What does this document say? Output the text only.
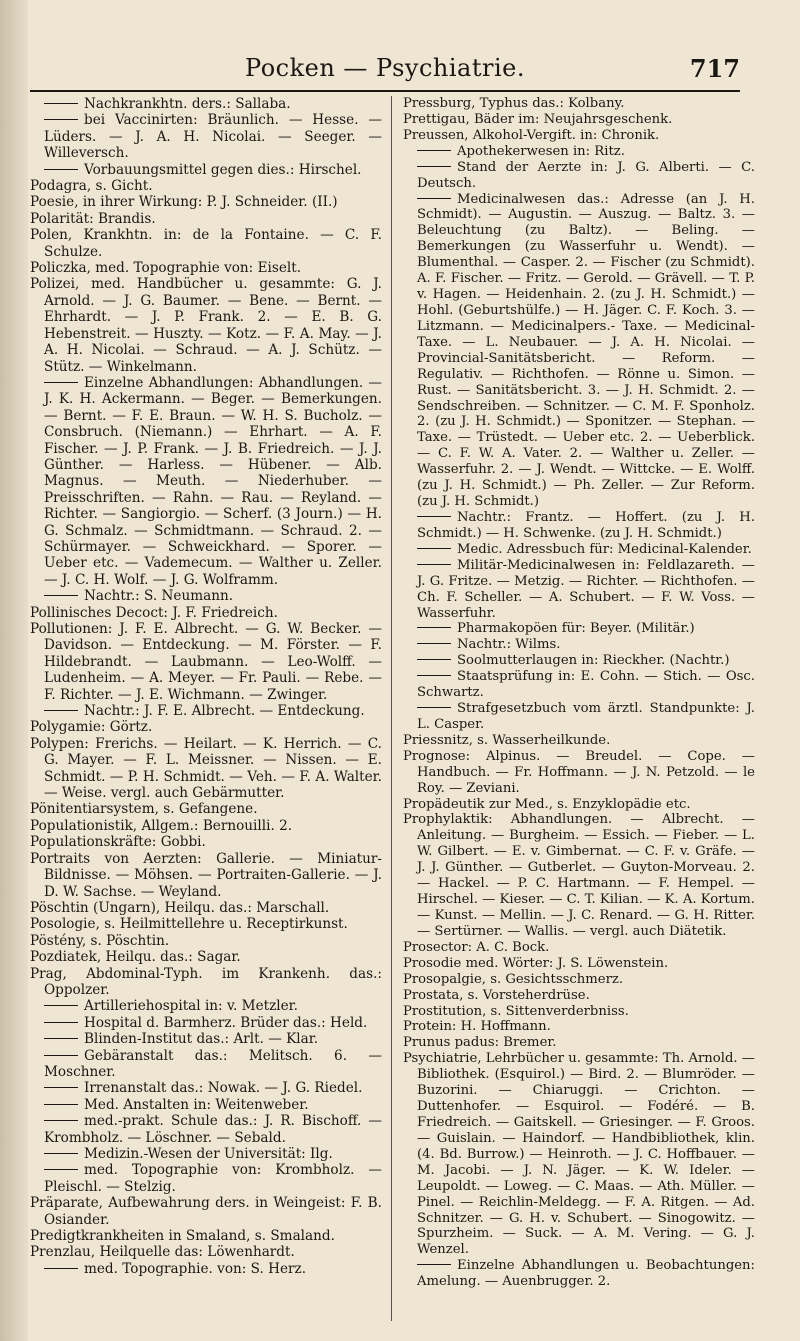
Pocken — Psychiatrie.	717

Nachkrankhtn. ders.: Sallaba.

bei Vaccinirten: Bräunlich. — Hesse. — Lüders. — J. A. H. Nicolai. — Seeger. — Willeversch.

Vorbauungsmittel gegen dies.: Hirschel.

Podagra, s. Gicht.

Poesie, in ihrer Wirkung: P. J. Schneider. (II.)

Polarität: Brandis.

Polen, Krankhtn. in: de la Fontaine. — C. F. Schulze.

Policzka, med. Topographie von: Eiselt.

Polizei, med. Handbücher u. gesammte: G. J. Arnold. — J. G. Baumer. — Bene. — Bernt. — Ehrhardt. — J. P. Frank. 2. — E. B. G. Hebenstreit. — Huszty. — Kotz. — F. A. May. — J. A. H. Nicolai. — Schraud. — A. J. Schütz. — Stütz. — Winkelmann.

Einzelne Abhandlungen: Abhandlungen. — J. K. H. Ackermann. — Beger. — Bemerkungen. — Bernt. — F. E. Braun. — W. H. S. Bucholz. — Consbruch. (Niemann.) — Ehrhart. — A. F. Fischer. — J. P. Frank. — J. B. Friedreich. — J. J. Günther. — Harless. — Hübener. — Alb. Magnus. — Meuth. — Niederhuber. — Preisschriften. — Rahn. — Rau. — Reyland. — Richter. — Sangiorgio. — Scherf. (3 Journ.) — H. G. Schmalz. — Schmidtmann. — Schraud. 2. — Schürmayer. — Schweickhard. — Sporer. — Ueber etc. — Vademecum. — Walther u. Zeller. — J. C. H. Wolf. — J. G. Wolframm.

Nachtr.: S. Neumann.

Pollinisches Decoct: J. F. Friedreich.

Pollutionen: J. F. E. Albrecht. — G. W. Becker. — Davidson. — Entdeckung. — M. Förster. — F. Hildebrandt. — Laubmann. — Leo-Wolff. — Ludenheim. — A. Meyer. — Fr. Pauli. — Rebe. — F. Richter. — J. E. Wichmann. — Zwinger.

Nachtr.: J. F. E. Albrecht. — Entdeckung.

Polygamie: Görtz.

Polypen: Frerichs. — Heilart. — K. Herrich. — C. G. Mayer. — F. L. Meissner. — Nissen. — E. Schmidt. — P. H. Schmidt. — Veh. — F. A. Walter. — Weise. vergl. auch Gebärmutter.

Pönitentiarsystem, s. Gefangene.

Populationistik, Allgem.: Bernouilli. 2.

Populationskräfte: Gobbi.

Portraits von Aerzten: Gallerie. — Miniatur-Bildnisse. — Möhsen. — Portraiten-Gallerie. — J. D. W. Sachse. — Weyland.

Pöschtin (Ungarn), Heilqu. das.: Marschall.

Posologie, s. Heilmittellehre u. Receptirkunst.

Pöstény, s. Pöschtin.

Pozdiatek, Heilqu. das.: Sagar.

Prag, Abdominal-Typh. im Krankenh. das.: Oppolzer.

Artilleriehospital in: v. Metzler.

Hospital d. Barmherz. Brüder das.: Held.

Blinden-Institut das.: Arlt. — Klar.

Gebäranstalt das.: Melitsch. 6. — Moschner.

Irrenanstalt das.: Nowak. — J. G. Riedel.

Med. Anstalten in: Weitenweber.

med.-prakt. Schule das.: J. R. Bischoff. — Krombholz. — Löschner. — Sebald.

Medizin.-Wesen der Universität: Ilg.

med. Topographie von: Krombholz. — Pleischl. — Stelzig.

Präparate, Aufbewahrung ders. in Weingeist: F. B. Osiander.

Predigtkrankheiten in Smaland, s. Smaland.

Prenzlau, Heilquelle das: Löwenhardt.

med. Topographie. von: S. Herz.

Pressburg, Typhus das.: Kolbany.

Prettigau, Bäder im: Neujahrsgeschenk.

Preussen, Alkohol-Vergift. in: Chronik.

Apothekerwesen in: Ritz.

Stand der Aerzte in: J. G. Alberti. — C. Deutsch.

Medicinalwesen das.: Adresse (an J. H. Schmidt). — Augustin. — Auszug. — Baltz. 3. — Beleuchtung (zu Baltz). — Beling. — Bemerkungen (zu Wasserfuhr u. Wendt). — Blumenthal. — Casper. 2. — Fischer (zu Schmidt). A. F. Fischer. — Fritz. — Gerold. — Grävell. — T. P. v. Hagen. — Heidenhain. 2. (zu J. H. Schmidt.) — Hohl. (Geburtshülfe.) — H. Jäger. C. F. Koch. 3. — Litzmann. — Medicinalpers.- Taxe. — Medicinal-Taxe. — L. Neubauer. — J. A. H. Nicolai. — Provincial-Sanitätsbericht. — Reform. — Regulativ. — Richthofen. — Rönne u. Simon. — Rust. — Sanitätsbericht. 3. — J. H. Schmidt. 2. — Sendschreiben. — Schnitzer. — C. M. F. Sponholz. 2. (zu J. H. Schmidt.) — Sponitzer. — Stephan. — Taxe. — Trüstedt. — Ueber etc. 2. — Ueberblick. — C. F. W. A. Vater. 2. — Walther u. Zeller. — Wasserfuhr. 2. — J. Wendt. — Wittcke. — E. Wolff. (zu J. H. Schmidt.) — Ph. Zeller. — Zur Reform. (zu J. H. Schmidt.)

Nachtr.: Frantz. — Hoffert. (zu J. H. Schmidt.) — H. Schwenke. (zu J. H. Schmidt.)

Medic. Adressbuch für: Medicinal-Kalender.

Militär-Medicinalwesen in: Feldlazareth. — J. G. Fritze. — Metzig. — Richter. — Richthofen. — Ch. F. Scheller. — A. Schubert. — F. W. Voss. — Wasserfuhr.

Pharmakopöen für: Beyer. (Militär.)

Nachtr.: Wilms.

Soolmutterlaugen in: Rieckher. (Nachtr.)

Staatsprüfung in: E. Cohn. — Stich. — Osc. Schwartz.

Strafgesetzbuch vom ärztl. Standpunkte: J. L. Casper.

Priessnitz, s. Wasserheilkunde.

Prognose: Alpinus. — Breudel. — Cope. — Handbuch. — Fr. Hoffmann. — J. N. Petzold. — le Roy. — Zeviani.

Propädeutik zur Med., s. Enzyklopädie etc.

Prophylaktik: Abhandlungen. — Albrecht. — Anleitung. — Burgheim. — Essich. — Fieber. — L. W. Gilbert. — E. v. Gimbernat. — C. F. v. Gräfe. — J. J. Günther. — Gutberlet. — Guyton-Morveau. 2. — Hackel. — P. C. Hartmann. — F. Hempel. — Hirschel. — Kieser. — C. T. Kilian. — K. A. Kortum. — Kunst. — Mellin. — J. C. Renard. — G. H. Ritter. — Sertürner. — Wallis. — vergl. auch Diätetik.

Prosector: A. C. Bock.

Prosodie med. Wörter: J. S. Löwenstein.

Prosopalgie, s. Gesichtsschmerz.

Prostata, s. Vorsteherdrüse.

Prostitution, s. Sittenverderbniss.

Protein: H. Hoffmann.

Prunus padus: Bremer.

Psychiatrie, Lehrbücher u. gesammte: Th. Arnold. — Bibliothek. (Esquirol.) — Bird. 2. — Blumröder. — Buzorini. — Chiaruggi. — Crichton. — Duttenhofer. — Esquirol. — Fodéré. — B. Friedreich. — Gaitskell. — Griesinger. — F. Groos. — Guislain. — Haindorf. — Handbibliothek, klin. (4. Bd. Burrow.) — Heinroth. — J. C. Hoffbauer. — M. Jacobi. — J. N. Jäger. — K. W. Ideler. — Leupoldt. — Loweg. — C. Maas. — Ath. Müller. — Pinel. — Reichlin-Meldegg. — F. A. Ritgen. — Ad. Schnitzer. — G. H. v. Schubert. — Sinogowitz. — Spurzheim. — Suck. — A. M. Vering. — G. J. Wenzel.

Einzelne Abhandlungen u. Beobachtungen: Amelung. — Auenbrugger. 2.
